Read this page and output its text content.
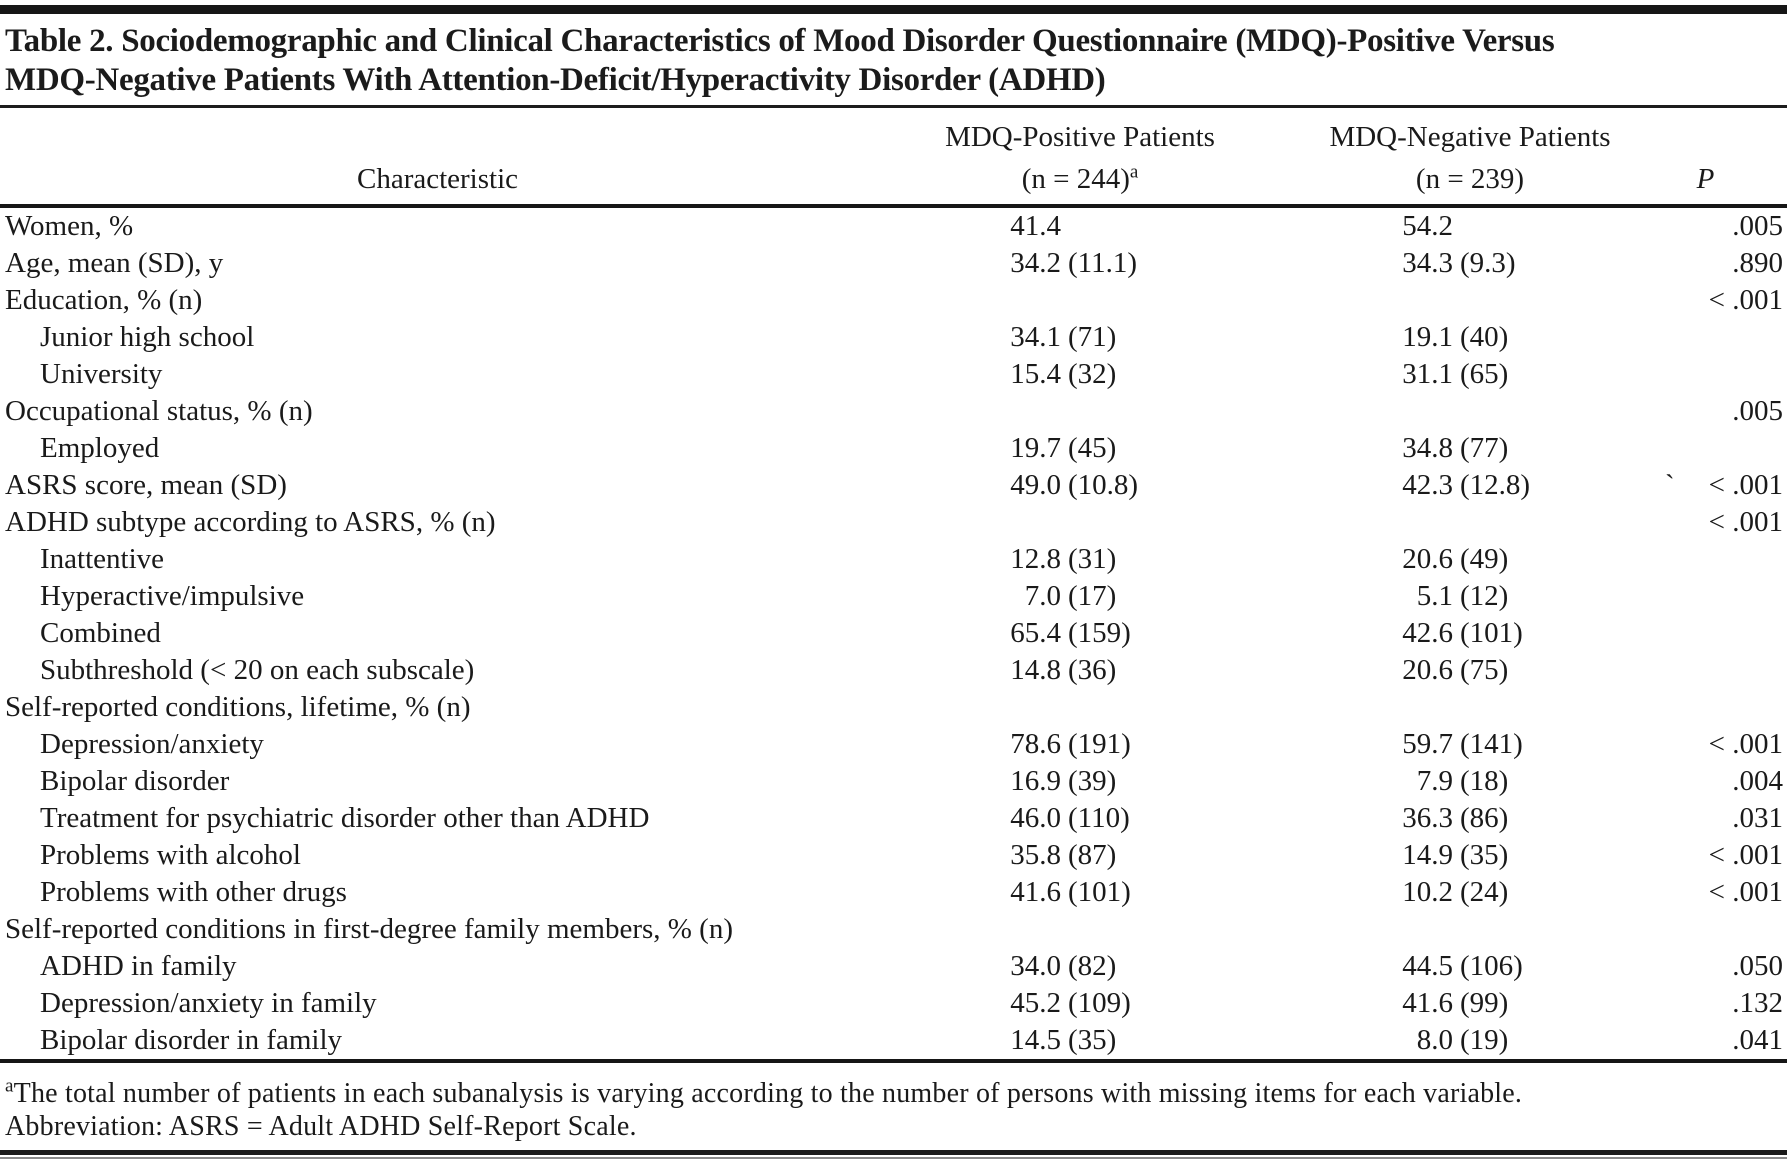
Table 2. Sociodemographic and Clinical Characteristics of Mood Disorder Questionnaire (MDQ)-Positive Versus
MDQ-Negative Patients With Attention-Deficit/Hyperactivity Disorder (ADHD)
	MDQ-Positive Patients	MDQ-Negative Patients	
Characteristic	(n = 244)$^a$	(n = 239)	P
Women, %	41.4	54.2	.005
Age, mean (SD), y	34.2 (11.1)	34.3 (9.3)	.890
Education, % (n)			< .001
Junior high school	34.1 (71)	19.1 (40)	

University	15.4 (32)	31.1 (65)	

Occupational status, % (n)			.005
Employed	19.7 (45)	34.8 (77)	

ASRS score, mean (SD)	49.0 (10.8)	42.3 (12.8)	` < .001
ADHD subtype according to ASRS, % (n)			< .001
Inattentive	12.8 (31)	20.6 (49)	

Hyperactive/impulsive	7.0 (17)	5.1 (12)	

Combined	65.4 (159)	42.6 (101)	

Subthreshold (< 20 on each subscale)	14.8 (36)	20.6 (75)	

Self-reported conditions, lifetime, % (n)			
Depression/anxiety	78.6 (191)	59.7 (141)	< .001
Bipolar disorder	16.9 (39)	7.9 (18)	.004
Treatment for psychiatric disorder other than ADHD	46.0 (110)	36.3 (86)	.031
Problems with alcohol	35.8 (87)	14.9 (35)	< .001
Problems with other drugs	41.6 (101)	10.2 (24)	< .001
Self-reported conditions in first-degree family members, % (n)			
ADHD in family	34.0 (82)	44.5 (106)	.050
Depression/anxiety in family	45.2 (109)	41.6 (99)	.132
Bipolar disorder in family	14.5 (35)	8.0 (19)	.041
$^a$The total number of patients in each subanalysis is varying according to the number of persons with missing items for each variable.
Abbreviation: ASRS = Adult ADHD Self-Report Scale.
